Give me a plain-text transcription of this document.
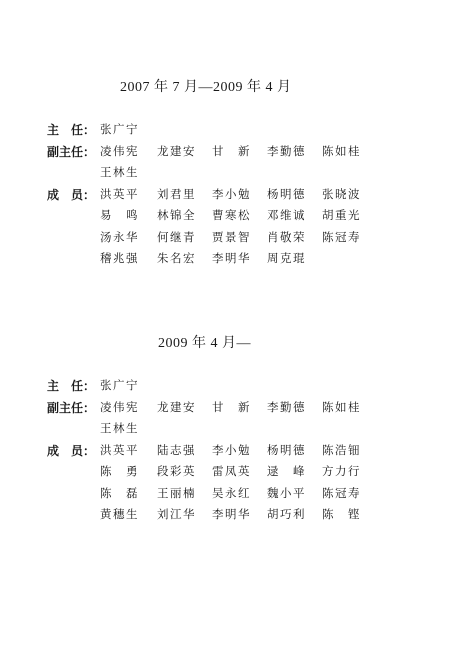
2007 年 7 月—2009 年 4 月
主　任： 张广宁
副主任： 凌伟宪 龙建安 甘　新 李勤德 陈如桂
王林生
成　员： 洪英平 刘君里 李小勉 杨明德 张晓波
易　鸣 林锦全 曹寒松 邓维诚 胡重光
汤永华 何继青 贾景智 肖敬荣 陈冠寿
稽兆强 朱名宏 李明华 周克琨
2009 年 4 月—
主　任： 张广宁
副主任： 凌伟宪 龙建安 甘　新 李勤德 陈如桂
王林生
成　员： 洪英平 陆志强 李小勉 杨明德 陈浩钿
陈　勇 段彩英 雷凤英 逯　峰 方力行
陈　磊 王丽楠 吴永红 魏小平 陈冠寿
黄穗生 刘江华 李明华 胡巧利 陈　铿
